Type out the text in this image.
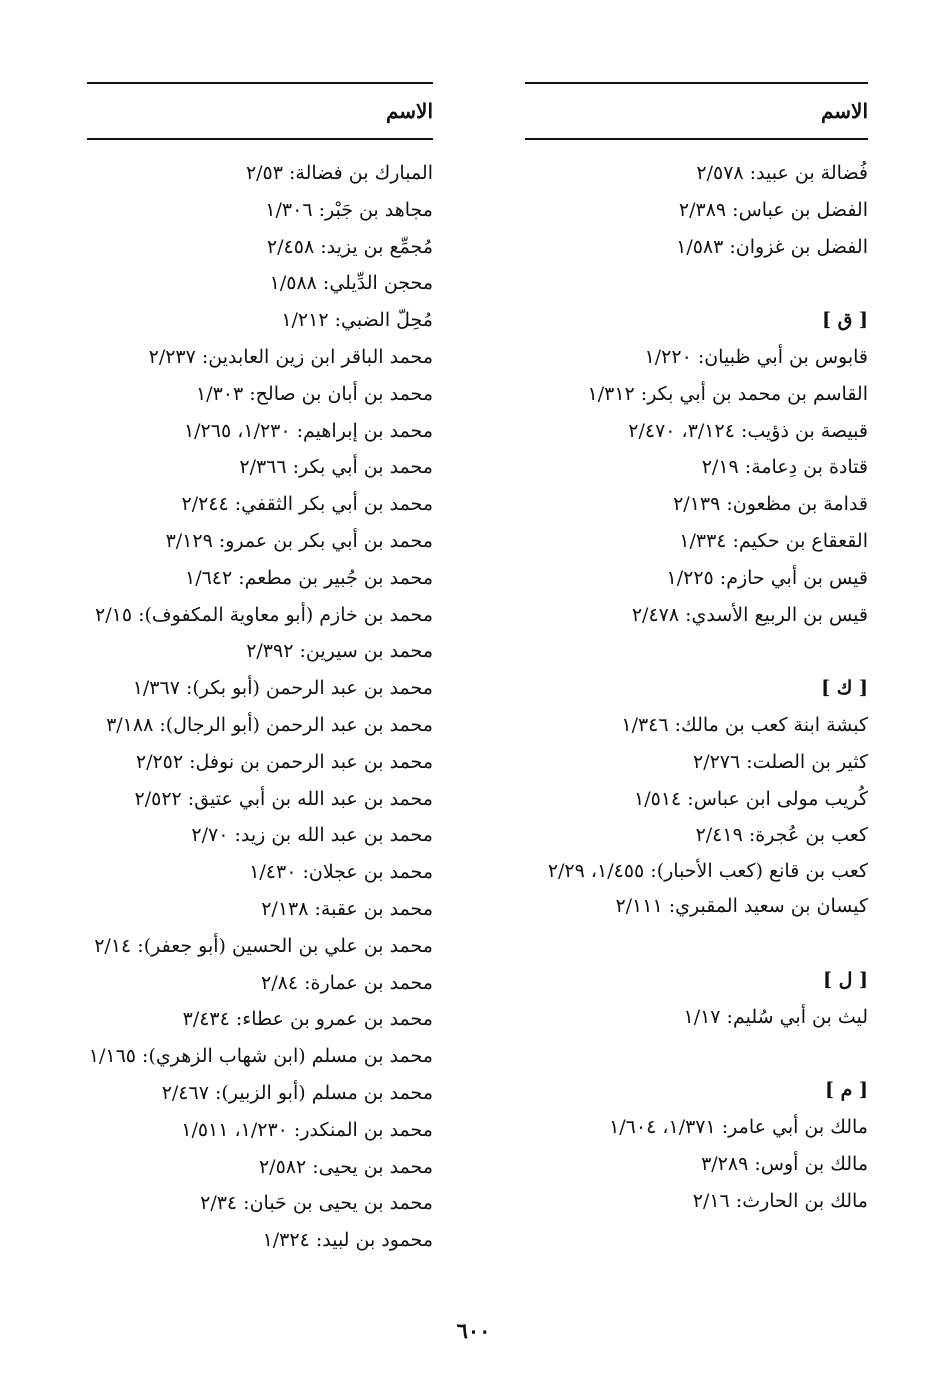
الاسم
فُضالة بن عبيد: ٢/٥٧٨
الفضل بن عباس: ٢/٣٨٩
الفضل بن غزوان: ١/٥٨٣
[ ق ]
قابوس بن أبي ظبيان: ١/٢٢٠
القاسم بن محمد بن أبي بكر: ١/٣١٢
قبيصة بن ذؤيب: ٣/١٢٤، ٢/٤٧٠
قتادة بن دِعامة: ٢/١٩
قدامة بن مظعون: ٢/١٣٩
القعقاع بن حكيم: ١/٣٣٤
قيس بن أبي حازم: ١/٢٢٥
قيس بن الربيع الأسدي: ٢/٤٧٨
[ ك ]
كبشة ابنة كعب بن مالك: ١/٣٤٦
كثير بن الصلت: ٢/٢٧٦
كُريب مولى ابن عباس: ١/٥١٤
كعب بن عُجرة: ٢/٤١٩
كعب بن قانع (كعب الأحبار): ١/٤٥٥، ٢/٢٩
كيسان بن سعيد المقبري: ٢/١١١
[ ل ]
ليث بن أبي سُليم: ١/١٧
[ م ]
مالك بن أبي عامر: ١/٣٧١، ١/٦٠٤
مالك بن أوس: ٣/٢٨٩
مالك بن الحارث: ٢/١٦
الاسم
المبارك بن فضالة: ٢/٥٣
مجاهد بن جَبْر: ١/٣٠٦
مُجمِّع بن يزيد: ٢/٤٥٨
محجن الدِّيلي: ١/٥٨٨
مُحِلّ الضبي: ١/٢١٢
محمد الباقر ابن زين العابدين: ٢/٢٣٧
محمد بن أبان بن صالح: ١/٣٠٣
محمد بن إبراهيم: ١/٢٣٠، ١/٢٦٥
محمد بن أبي بكر: ٢/٣٦٦
محمد بن أبي بكر الثقفي: ٢/٢٤٤
محمد بن أبي بكر بن عمرو: ٣/١٢٩
محمد بن جُبير بن مطعم: ١/٦٤٢
محمد بن خازم (أبو معاوية المكفوف): ٢/١٥
محمد بن سيرين: ٢/٣٩٢
محمد بن عبد الرحمن (أبو بكر): ١/٣٦٧
محمد بن عبد الرحمن (أبو الرجال): ٣/١٨٨
محمد بن عبد الرحمن بن نوفل: ٢/٢٥٢
محمد بن عبد الله بن أبي عتيق: ٢/٥٢٢
محمد بن عبد الله بن زيد: ٢/٧٠
محمد بن عجلان: ١/٤٣٠
محمد بن عقبة: ٢/١٣٨
محمد بن علي بن الحسين (أبو جعفر): ٢/١٤
محمد بن عمارة: ٢/٨٤
محمد بن عمرو بن عطاء: ٣/٤٣٤
محمد بن مسلم (ابن شهاب الزهري): ١/١٦٥
محمد بن مسلم (أبو الزبير): ٢/٤٦٧
محمد بن المنكدر: ١/٢٣٠، ١/٥١١
محمد بن يحيى: ٢/٥٨٢
محمد بن يحيى بن حَبان: ٢/٣٤
محمود بن لبيد: ١/٣٢٤
٦٠٠
